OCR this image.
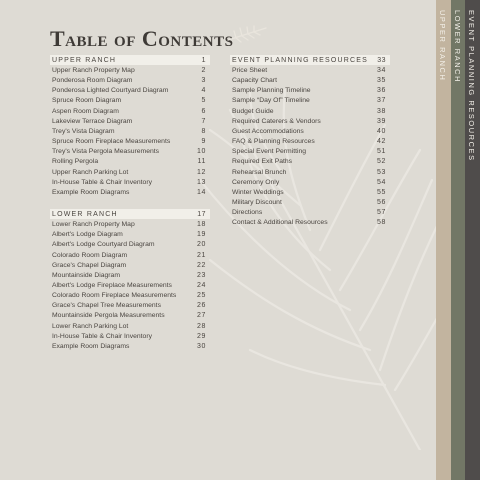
Table of Contents
UPPER RANCH	1
Upper Ranch Property Map	2
Ponderosa Room Diagram	3
Ponderosa Lighted Courtyard Diagram	4
Spruce Room Diagram	5
Aspen Room Diagram	6
Lakeview Terrace Diagram	7
Trey's Vista Diagram	8
Spruce Room Fireplace Measurements	9
Trey's Vista Pergola Measurements	10
Rolling Pergola	11
Upper Ranch Parking Lot	12
In-House Table & Chair Inventory	13
Example Room Diagrams	14
LOWER RANCH	17
Lower Ranch Property Map	18
Albert's Lodge Diagram	19
Albert's Lodge Courtyard Diagram	20
Colorado Room Diagram	21
Grace's Chapel Diagram	22
Mountainside Diagram	23
Albert's Lodge Fireplace Measurements	24
Colorado Room Fireplace Measurements	25
Grace's Chapel Tree Measurements	26
Mountainside Pergola Measurements	27
Lower Ranch Parking Lot	28
In-House Table & Chair Inventory	29
Example Room Diagrams	30
EVENT PLANNING RESOURCES 33
Price Sheet	34
Capacity Chart	35
Sample Planning Timeline	36
Sample “Day Of” Timeline	37
Budget Guide	38
Required Caterers & Vendors	39
Guest Accommodations	40
FAQ & Planning Resources	42
Special Event Permitting	51
Required Exit Paths	52
Rehearsal Brunch	53
Ceremony Only	54
Winter Weddings	55
Military Discount	56
Directions	57
Contact & Additional Resources	58
UPPER RANCH LOWER RANCH EVENT PLANNING RESOURCES
